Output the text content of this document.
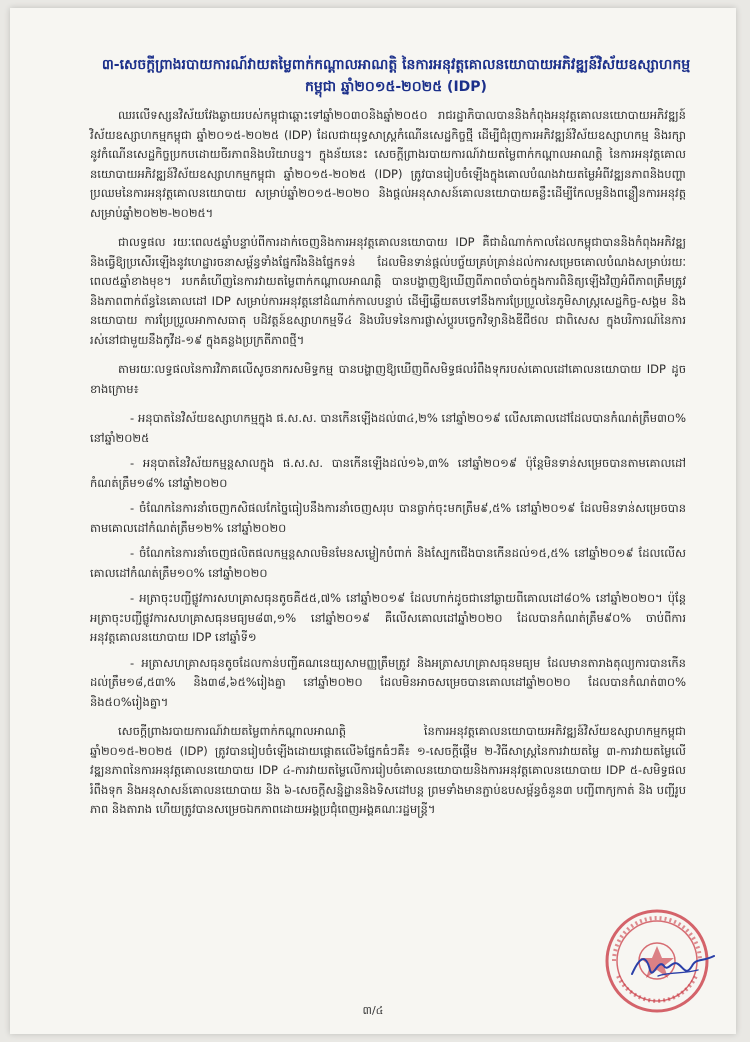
៣-សេចក្តីព្រាងរបាយការណ៍វាយតម្លៃពាក់កណ្តាលអាណត្តិ នៃការអនុវត្តគោលនយោបាយអភិវឌ្ឍន៍វិស័យឧស្សាហកម្មកម្ពុជា ឆ្នាំ២០១៥-២០២៥ (IDP)

ឈរលើទស្សនវិស័យវែងឆ្ងាយរបស់កម្ពុជាឆ្ពោះទៅឆ្នាំ២០៣០និងឆ្នាំ២០៥០ រាជរដ្ឋាភិបាលបាននិងកំពុងអនុវត្តគោលនយោបាយអភិវឌ្ឍន៍វិស័យឧស្សាហកម្មកម្ពុជា ឆ្នាំ២០១៥-២០២៥ (IDP) ដែលជាយុទ្ធសាស្ត្រកំណើនសេដ្ឋកិច្ចថ្មី ដើម្បីជំរុញការអភិវឌ្ឍន៍វិស័យឧស្សាហកម្ម និងរក្សានូវកំណើនសេដ្ឋកិច្ចប្រកបដោយចីរភាពនិងបរិយាបន្ន។ ក្នុងន័យនេះ សេចក្តីព្រាងរបាយការណ៍វាយតម្លៃពាក់កណ្តាលអាណត្តិ នៃការអនុវត្តគោលនយោបាយអភិវឌ្ឍន៍វិស័យឧស្សាហកម្មកម្ពុជា ឆ្នាំ២០១៥-២០២៥ (IDP) ត្រូវបានរៀបចំឡើងក្នុងគោលបំណងវាយតម្លៃអំពីវឌ្ឍនភាពនិងបញ្ហាប្រឈមនៃការអនុវត្តគោលនយោបាយ សម្រាប់ឆ្នាំ២០១៥-២០២០ និងផ្តល់អនុសាសន៍គោលនយោបាយគន្លឹះដើម្បីកែលម្អនិងពន្លឿនការអនុវត្ត សម្រាប់ឆ្នាំ២០២២-២០២៥។

ជាលទ្ធផល រយៈពេល៥ឆ្នាំបន្ទាប់ពីការដាក់ចេញនិងការអនុវត្តគោលនយោបាយ IDP គឺជាដំណាក់កាលដែលកម្ពុជាបាននិងកំពុងអភិវឌ្ឍ និងធ្វើឱ្យប្រសើរឡើងនូវហេដ្ឋារចនាសម្ព័ន្ធទាំងផ្នែករឹងនិងផ្នែកទន់ ដែលមិនទាន់ផ្តល់បច្ច័យគ្រប់គ្រាន់ដល់ការសម្រេចគោលបំណងសម្រាប់រយៈពេល៥ឆ្នាំខាងមុខ។ របកគំហើញនៃការវាយតម្លៃពាក់កណ្តាលអាណត្តិ បានបង្ហាញឱ្យឃើញពីភាពចាំបាច់ក្នុងការពិនិត្យឡើងវិញអំពីភាពត្រឹមត្រូវនិងភាពពាក់ព័ន្ធនៃគោលដៅ IDP សម្រាប់ការអនុវត្តនៅដំណាក់កាលបន្ទាប់ ដើម្បីឆ្លើយតបទៅនឹងការប្រែប្រួលនៃភូមិសាស្ត្រសេដ្ឋកិច្ច-សង្គម និងនយោបាយ ការប្រែប្រួលអាកាសធាតុ បដិវត្តន៍ឧស្សាហកម្មទី៤ និងបរិបទនៃការផ្លាស់ប្តូរបច្ចេកវិទ្យានិងឌីជីថល ជាពិសេស ក្នុងបរិការណ៍នៃការរស់នៅជាមួយនឹងកូវីដ-១៩ ក្នុងគន្លងប្រក្រតីភាពថ្មី។

តាមរយៈលទ្ធផលនៃការវិភាគលើសូចនាករសមិទ្ធកម្ម បានបង្ហាញឱ្យឃើញពីសមិទ្ធផលរំពឹងទុករបស់គោលដៅគោលនយោបាយ IDP ដូចខាងក្រោម៖

- អនុបាតនៃវិស័យឧស្សាហកម្មក្នុង ផ.ស.ស. បានកើនឡើងដល់៣៤,២% នៅឆ្នាំ២០១៩ លើសគោលដៅដែលបានកំណត់ត្រឹម៣០% នៅឆ្នាំ២០២៥
- អនុបាតនៃវិស័យកម្មន្តសាលក្នុង ផ.ស.ស. បានកើនឡើងដល់១៦,៣% នៅឆ្នាំ២០១៩ ប៉ុន្តែមិនទាន់សម្រេចបានតាមគោលដៅកំណត់ត្រឹម១៨% នៅឆ្នាំ២០២០
- ចំណែកនៃការនាំចេញកសិផលកែច្នៃធៀបនឹងការនាំចេញសរុប បានធ្លាក់ចុះមកត្រឹម៩,៥% នៅឆ្នាំ២០១៩ ដែលមិនទាន់សម្រេចបានតាមគោលដៅកំណត់ត្រឹម១២% នៅឆ្នាំ២០២០
- ចំណែកនៃការនាំចេញផលិតផលកម្មន្តសាលមិនមែនសម្លៀកបំពាក់ និងស្បែកជើងបានកើនដល់១៥,៥% នៅឆ្នាំ២០១៩ ដែលលើសគោលដៅកំណត់ត្រឹម១០% នៅឆ្នាំ២០២០
- អត្រាចុះបញ្ជីផ្លូវការសហគ្រាសធុនតូចគឺ៥៥,៧% នៅឆ្នាំ២០១៩ ដែលហាក់ដូចជានៅឆ្ងាយពីគោលដៅ៨០% នៅឆ្នាំ២០២០។ ប៉ុន្តែអត្រាចុះបញ្ជីផ្លូវការសហគ្រាសធុនមធ្យម៨៣,១% នៅឆ្នាំ២០១៩ គឺលើសគោលដៅឆ្នាំ២០២០ ដែលបានកំណត់ត្រឹម៩០% ចាប់ពីការអនុវត្តគោលនយោបាយ IDP នៅឆ្នាំទី១
- អត្រាសហគ្រាសធុនតូចដែលកាន់បញ្ជីគណនេយ្យសាមញ្ញត្រឹមត្រូវ និងអត្រាសហគ្រាសធុនមធ្យម ដែលមានតារាងតុល្យការបានកើនដល់ត្រឹម១៨,៥៣% និង៣៨,៦៥%រៀងគ្នា នៅឆ្នាំ២០២០ ដែលមិនអាចសម្រេចបានគោលដៅឆ្នាំ២០២០ ដែលបានកំណត់៣០% និង៥០%រៀងគ្នា។

សេចក្តីព្រាងរបាយការណ៍វាយតម្លៃពាក់កណ្តាលអាណត្តិ នៃការអនុវត្តគោលនយោបាយអភិវឌ្ឍន៍វិស័យឧស្សាហកម្មកម្ពុជា ឆ្នាំ២០១៥-២០២៥ (IDP) ត្រូវបានរៀបចំឡើងដោយផ្តោតលើ៦ផ្នែកធំៗគឺ៖ ១-សេចក្តីផ្តើម ២-វិធីសាស្ត្រនៃការវាយតម្លៃ ៣-ការវាយតម្លៃលើវឌ្ឍនភាពនៃការអនុវត្តគោលនយោបាយ IDP ៤-ការវាយតម្លៃលើការរៀបចំគោលនយោបាយនិងការអនុវត្តគោលនយោបាយ IDP ៥-សមិទ្ធផលរំពឹងទុក និងអនុសាសន៍គោលនយោបាយ និង ៦-សេចក្តីសន្និដ្ឋាននិងទិសដៅបន្ត ព្រមទាំងមានភ្ជាប់ឧបសម្ព័ន្ធចំនួន៣ បញ្ជីពាក្យកាត់ និង បញ្ជីរូបភាព និងតារាង ហើយត្រូវបានសម្រេចឯកភាពដោយអង្គប្រជុំពេញអង្គគណៈរដ្ឋមន្ត្រី។

៣/៤
